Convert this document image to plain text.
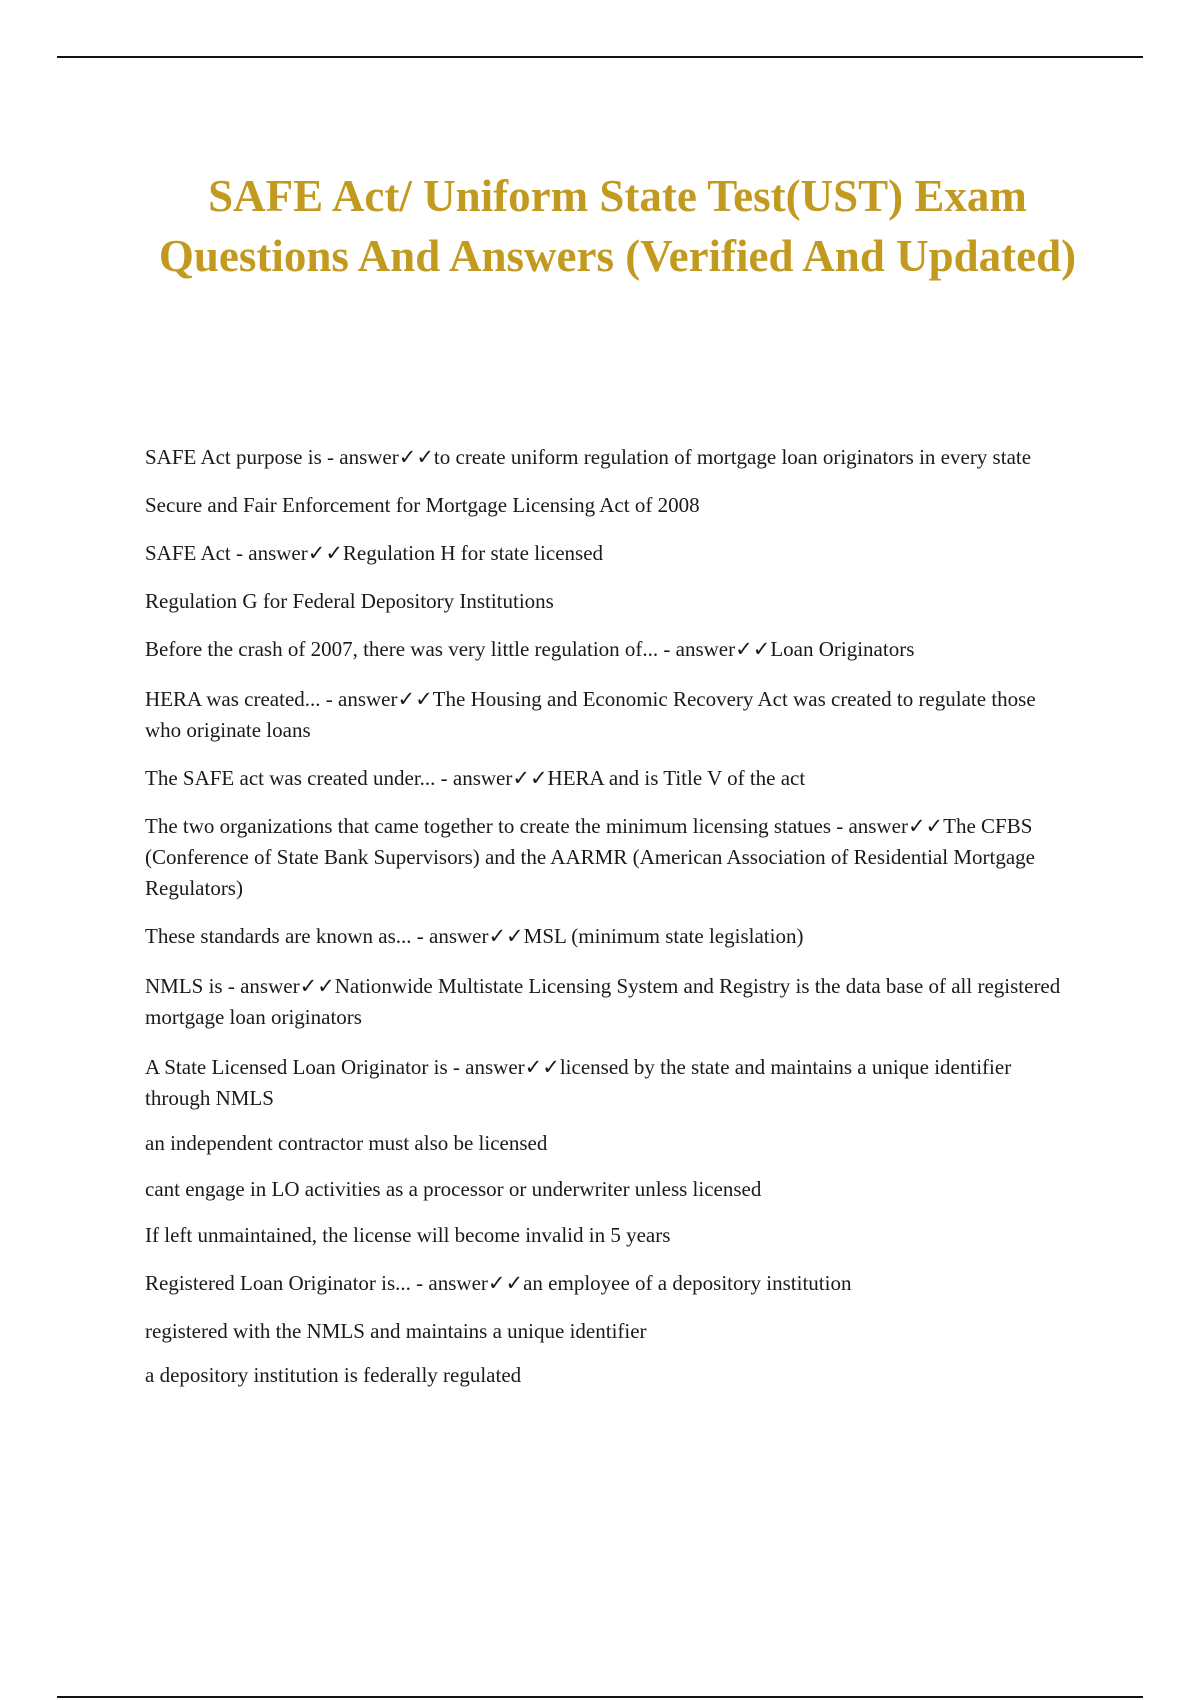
SAFE Act/ Uniform State Test(UST) Exam Questions And Answers (Verified And Updated)

SAFE Act purpose is - answer✓✓to create uniform regulation of mortgage loan originators in every state

Secure and Fair Enforcement for Mortgage Licensing Act of 2008

SAFE Act - answer✓✓Regulation H for state licensed

Regulation G for Federal Depository Institutions

Before the crash of 2007, there was very little regulation of... - answer✓✓Loan Originators

HERA was created... - answer✓✓The Housing and Economic Recovery Act was created to regulate those who originate loans

The SAFE act was created under... - answer✓✓HERA and is Title V of the act

The two organizations that came together to create the minimum licensing statues - answer✓✓The CFBS (Conference of State Bank Supervisors) and the AARMR (American Association of Residential Mortgage Regulators)

These standards are known as... - answer✓✓MSL (minimum state legislation)

NMLS is - answer✓✓Nationwide Multistate Licensing System and Registry is the data base of all registered mortgage loan originators

A State Licensed Loan Originator is - answer✓✓licensed by the state and maintains a unique identifier through NMLS

an independent contractor must also be licensed

cant engage in LO activities as a processor or underwriter unless licensed

If left unmaintained, the license will become invalid in 5 years

Registered Loan Originator is... - answer✓✓an employee of a depository institution

registered with the NMLS and maintains a unique identifier

a depository institution is federally regulated
